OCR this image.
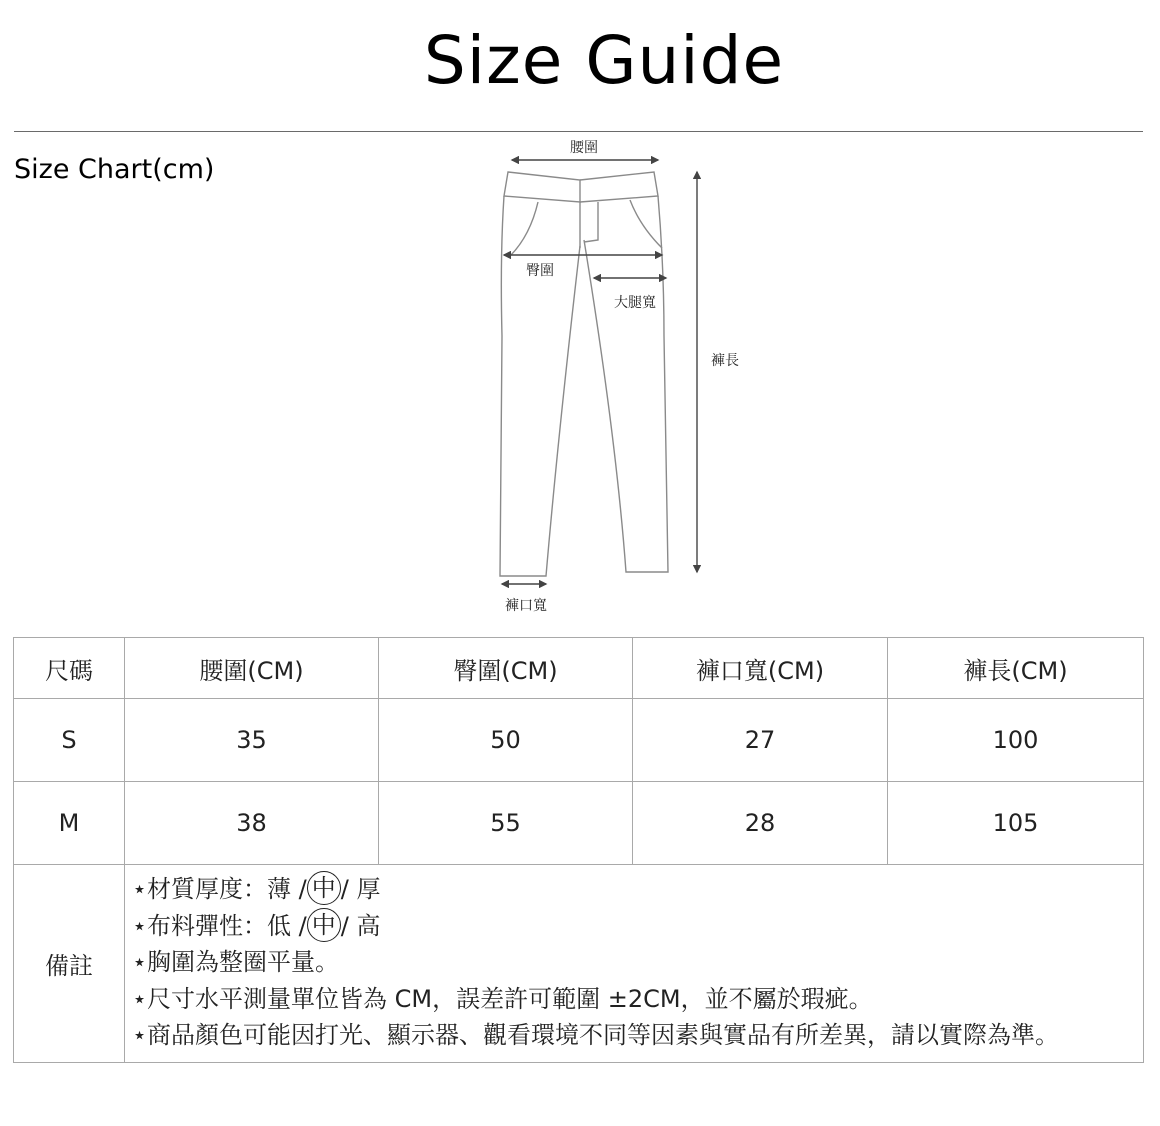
Size Guide
Size Chart(cm)
腰圍
臀圍
大腿寬
褲長
褲口寬
尺碼	腰圍(CM)	臀圍(CM)	褲口寬(CM)	褲長(CM)
S	35	50	27	100
M	38	55	28	105
備註	⋆材質厚度：薄 / 中 / 厚
⋆布料彈性：低 / 中 / 高
⋆胸圍為整圈平量。
⋆尺寸水平測量單位皆為 CM，誤差許可範圍 ±2CM，並不屬於瑕疵。
⋆商品顏色可能因打光、顯示器、觀看環境不同等因素與實品有所差異，請以實際為準。			
